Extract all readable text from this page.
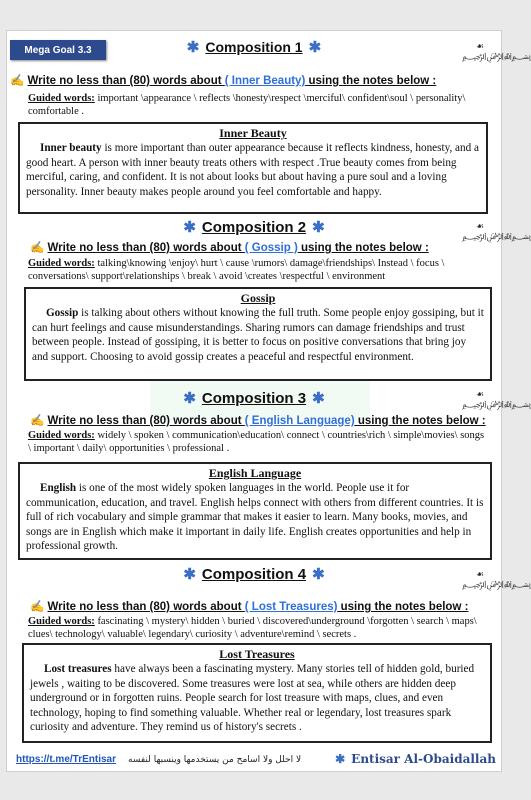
Mega Goal 3.3	✱ Composition 1 ✱	☙
﷽
✍ Write no less than (80) words about ( Inner Beauty) using the notes below :
Guided words: important \appearance \ reflects \honesty\respect \merciful\ confident\soul \ personality\ comfortable .
Inner Beauty
Inner beauty is more important than outer appearance because it reflects kindness, honesty, and a good heart. A person with inner beauty treats others with respect .True beauty comes from being merciful, caring, and confident. It is not about looks but about having a pure soul and a loving personality. Inner beauty makes people around you feel comfortable and happy.
✱ Composition 2 ✱	☙
﷽
✍ Write no less than (80) words about ( Gossip ) using the notes below :
Guided words: talking\knowing \enjoy\ hurt \ cause \rumors\ damage\friendships\ Instead \ focus \ conversations\ support\relationships \ break \ avoid \creates \respectful \ environment
Gossip
Gossip is talking about others without knowing the full truth. Some people enjoy gossiping, but it can hurt feelings and cause misunderstandings. Sharing rumors can damage friendships and trust between people. Instead of gossiping, it is better to focus on positive conversations that bring joy and support. Choosing to avoid gossip creates a peaceful and respectful environment.
✱ Composition 3 ✱	☙
﷽
✍ Write no less than (80) words about ( English Language) using the notes below :
Guided words: widely \ spoken \ communication\education\ connect \ countries\rich \ simple\movies\ songs \ important \ daily\ opportunities \ professional .
English Language
English is one of the most widely spoken languages in the world. People use it for communication, education, and travel. English helps connect with others from different countries. It is full of rich vocabulary and simple grammar that makes it easier to learn. Many books, movies, and songs are in English which make it important in daily life. English creates opportunities and help in professional growth.
✱ Composition 4 ✱	☙
﷽
✍ Write no less than (80) words about ( Lost Treasures) using the notes below :
Guided words: fascinating \ mystery\ hidden \ buried \ discovered\underground \forgotten \ search \ maps\ clues\ technology\ valuable\ legendary\ curiosity \ adventure\remind \ secrets .
Lost Treasures
Lost treasures have always been a fascinating mystery. Many stories tell of hidden gold, buried jewels , waiting to be discovered. Some treasures were lost at sea, while others are hidden deep underground or in forgotten ruins. People search for lost treasure with maps, clues, and even technology, hoping to find something valuable. Whether real or legendary, lost treasures spark curiosity and adventure. They remind us of history's secrets .
https://t.me/TrEntisar لا احلل ولا اسامح من يستخدمها وينسبها لنفسه	✱ Entisar Al-Obaidallah
